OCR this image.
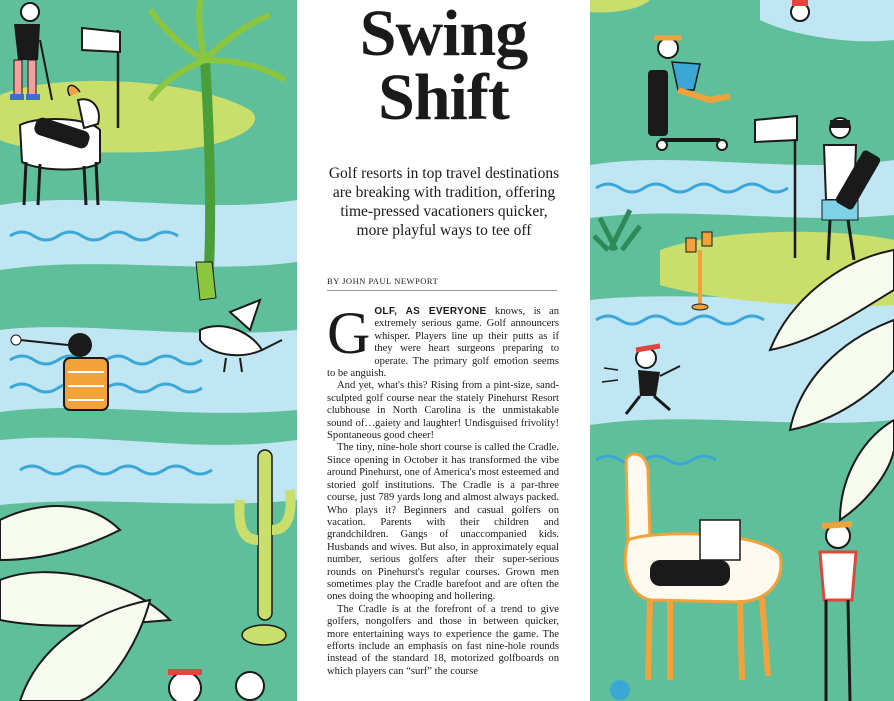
Swing
Shift

Golf resorts in top travel destinations are breaking with tradition, offering time-pressed vacationers quicker, more playful ways to tee off

BY JOHN PAUL NEWPORT

GOLF, AS EVERYONE knows, is an extremely serious game. Golf announcers whisper. Players line up their putts as if they were heart surgeons preparing to operate. The primary golf emotion seems to be anguish.

And yet, what's this? Rising from a pint-size, sand-sculpted golf course near the stately Pinehurst Resort clubhouse in North Carolina is the unmistakable sound of…gaiety and laughter! Undisguised frivolity! Spontaneous good cheer!

The tiny, nine-hole short course is called the Cradle. Since opening in October it has transformed the vibe around Pinehurst, one of America's most esteemed and storied golf institutions. The Cradle is a par-three course, just 789 yards long and almost always packed. Who plays it? Beginners and casual golfers on vacation. Parents with their children and grandchildren. Gangs of unaccompanied kids. Husbands and wives. But also, in approximately equal number, serious golfers after their super-serious rounds on Pinehurst's regular courses. Grown men sometimes play the Cradle barefoot and are often the ones doing the whooping and hollering.

The Cradle is at the forefront of a trend to give golfers, nongolfers and those in between quicker, more entertaining ways to experience the game. The efforts include an emphasis on fast nine-hole rounds instead of the standard 18, motorized golfboards on which players can “surf” the course
